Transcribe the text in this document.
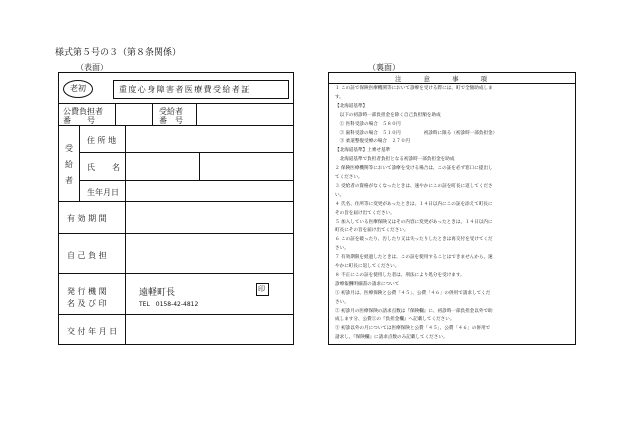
様式第５号の３（第８条関係）
（表面）	（裏面）
老初	重度心身障害者医療費受給者証
公費負担者
番　　号
受給者
番　号
受
給
者
住 所 地
氏 名
生年月日
有 効 期 間
自 己 負 担
発 行 機 関
名 及 び 印
遠軽町長
TEL　0158-42-4812
印
交 付 年 月 日
注意事項
１ この証で保険医療機関等において診療を受ける際には、町で全額助成しま
す。
【北海道基準】
　以下の初診時一部負担金を除く自己負担額を助成
　① 医科受診の場合　５８０円
　② 歯科受診の場合　５１０円　　　　　初診時に限る（初診時一部負担金）
　③ 柔道整復受療の場合　２７０円
【北海道基準】上乗せ基準
　北海道基準で負担者負担となる初診時一部負担金を助成
２ 保険医療機関等において診療を受ける場合は、この証を必ず窓口に提出し
てください。
３ 受給者の資格がなくなったときは、速やかにこの証を町長に返してくださ
い。
４ 氏名、住所等に変更があったときは、１４日以内にこの証を添えて町長に
その旨を届け出てください。
５ 加入している医療保険又はその内容に変更があったときは、１４日以内に
町長にその旨を届け出てください。
６ この証を破ったり、汚したり又は失ったりしたときは再交付を受けてくだ
さい。
７ 有効期限を経過したときは、この証を使用することはできませんから、速
やかに町長に返してください。
８ 不正にこの証を使用した者は、刑法により処分を受けます。
診療報酬明細書の請求について
① 初診月は、医療保険と公費「４５」、公費「４６」の併用で請求してくだ
さい。
② 初診月の医療保険の請求点数は『保険欄』に、初診時一部負担金以外で助
成します分、公費①の『負担金欄』へ記載してください。
③ 初診以外の月については医療保険と公費「４５」、公費「４６」の併用で
請求し、『保険欄』に請求点数のみ記載してください。
